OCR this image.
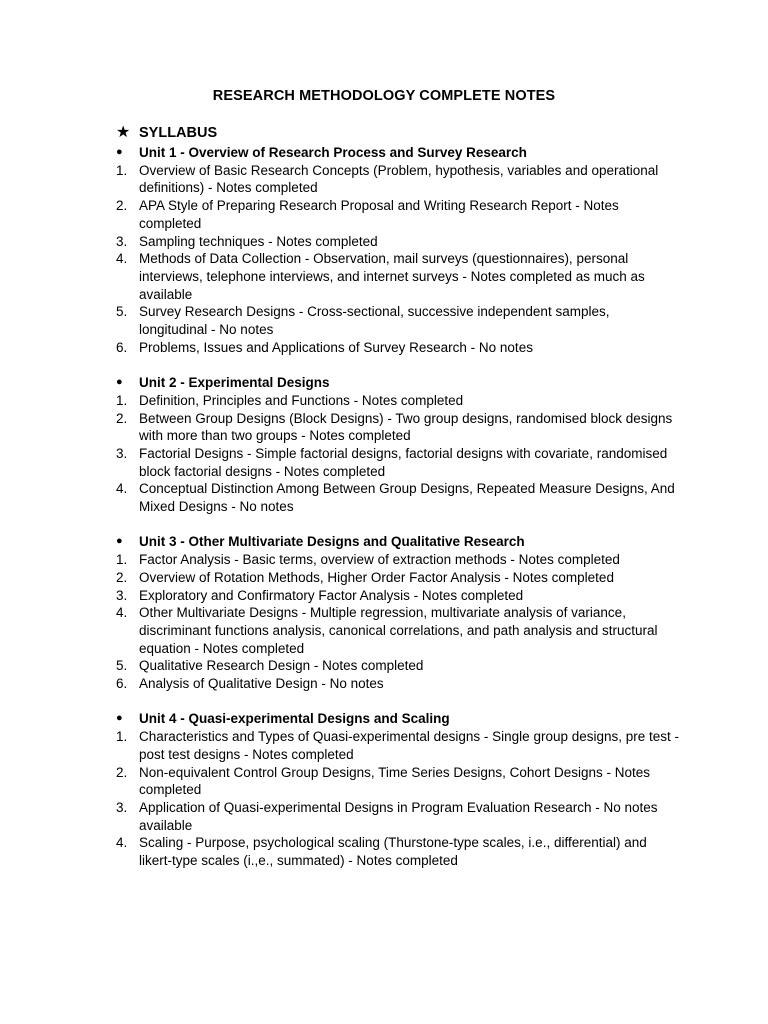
RESEARCH METHODOLOGY COMPLETE NOTES
★ SYLLABUS
● Unit 1 - Overview of Research Process and Survey Research
1. Overview of Basic Research Concepts (Problem, hypothesis, variables and operational definitions) - Notes completed
2. APA Style of Preparing Research Proposal and Writing Research Report - Notes completed
3. Sampling techniques - Notes completed
4. Methods of Data Collection - Observation, mail surveys (questionnaires), personal interviews, telephone interviews, and internet surveys - Notes completed as much as available
5. Survey Research Designs - Cross-sectional, successive independent samples, longitudinal - No notes
6. Problems, Issues and Applications of Survey Research - No notes
● Unit 2 - Experimental Designs
1. Definition, Principles and Functions - Notes completed
2. Between Group Designs (Block Designs) - Two group designs, randomised block designs with more than two groups - Notes completed
3. Factorial Designs - Simple factorial designs, factorial designs with covariate, randomised block factorial designs - Notes completed
4. Conceptual Distinction Among Between Group Designs, Repeated Measure Designs, And Mixed Designs - No notes
● Unit 3 - Other Multivariate Designs and Qualitative Research
1. Factor Analysis - Basic terms, overview of extraction methods - Notes completed
2. Overview of Rotation Methods, Higher Order Factor Analysis - Notes completed
3. Exploratory and Confirmatory Factor Analysis - Notes completed
4. Other Multivariate Designs - Multiple regression, multivariate analysis of variance, discriminant functions analysis, canonical correlations, and path analysis and structural equation - Notes completed
5. Qualitative Research Design - Notes completed
6. Analysis of Qualitative Design - No notes
● Unit 4 - Quasi-experimental Designs and Scaling
1. Characteristics and Types of Quasi-experimental designs - Single group designs, pre test - post test designs - Notes completed
2. Non-equivalent Control Group Designs, Time Series Designs, Cohort Designs - Notes completed
3. Application of Quasi-experimental Designs in Program Evaluation Research - No notes available
4. Scaling - Purpose, psychological scaling (Thurstone-type scales, i.e., differential) and likert-type scales (i.,e., summated) - Notes completed
